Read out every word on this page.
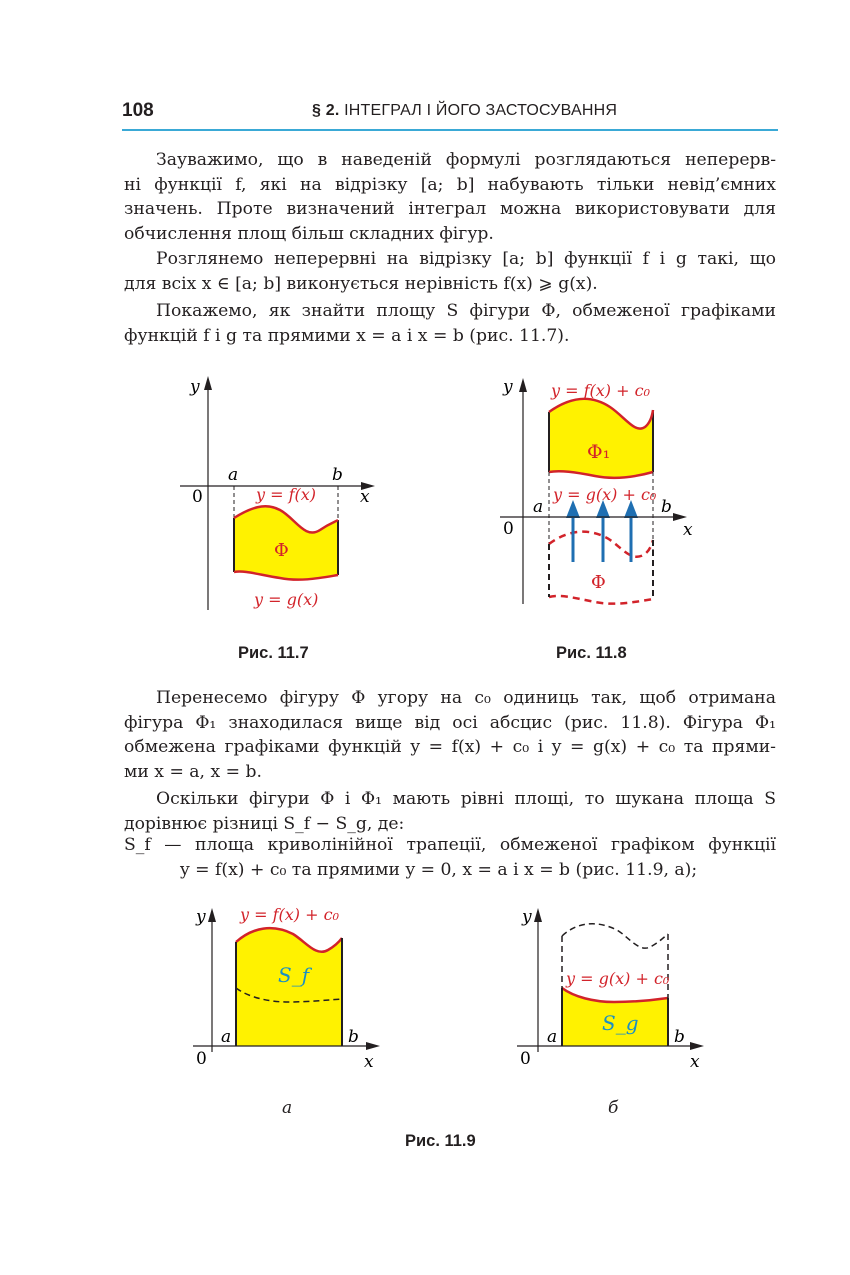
108	§ 2. ІНТЕГРАЛ І ЙОГО ЗАСТОСУВАННЯ
Зауважимо, що в наведеній формулі розглядаються неперерв-
ні функції f, які на відрізку [a; b] набувають тільки невід’ємних
значень. Проте визначений інтеграл можна використовувати для
обчислення площ більш складних фігур.
Розглянемо неперервні на відрізку [a; b] функції f і g такі, що
для всіх x ∈ [a; b] виконується нерівність f(x) ⩾ g(x).
Покажемо, як знайти площу S фігури Φ, обмеженої графіками
функцій f і g та прямими x = a і x = b (рис. 11.7).
y
0	x
a	b
y = f(x)
Φ
y = g(x)
Рис. 11.7
y
0	x
a	b
y = f(x) + c₀
y = g(x) + c₀
Φ₁
Φ
Рис. 11.8
Перенесемо фігуру Φ угору на c₀ одиниць так, щоб отримана
фігура Φ₁ знаходилася вище від осі абсцис (рис. 11.8). Фігура Φ₁
обмежена графіками функцій y = f(x) + c₀ і y = g(x) + c₀ та прями-
ми x = a, x = b.
Оскільки фігури Φ і Φ₁ мають рівні площі, то шукана площа S
дорівнює різниці S_f − S_g, де:
S_f — площа криволінійної трапеції, обмеженої графіком функції
y = f(x) + c₀ та прямими y = 0, x = a і x = b (рис. 11.9, a);
y
0	x
a	b
y = f(x) + c₀
S_f
а
y
0	x
a	b
y = g(x) + c₀
S_g
б
Рис. 11.9
